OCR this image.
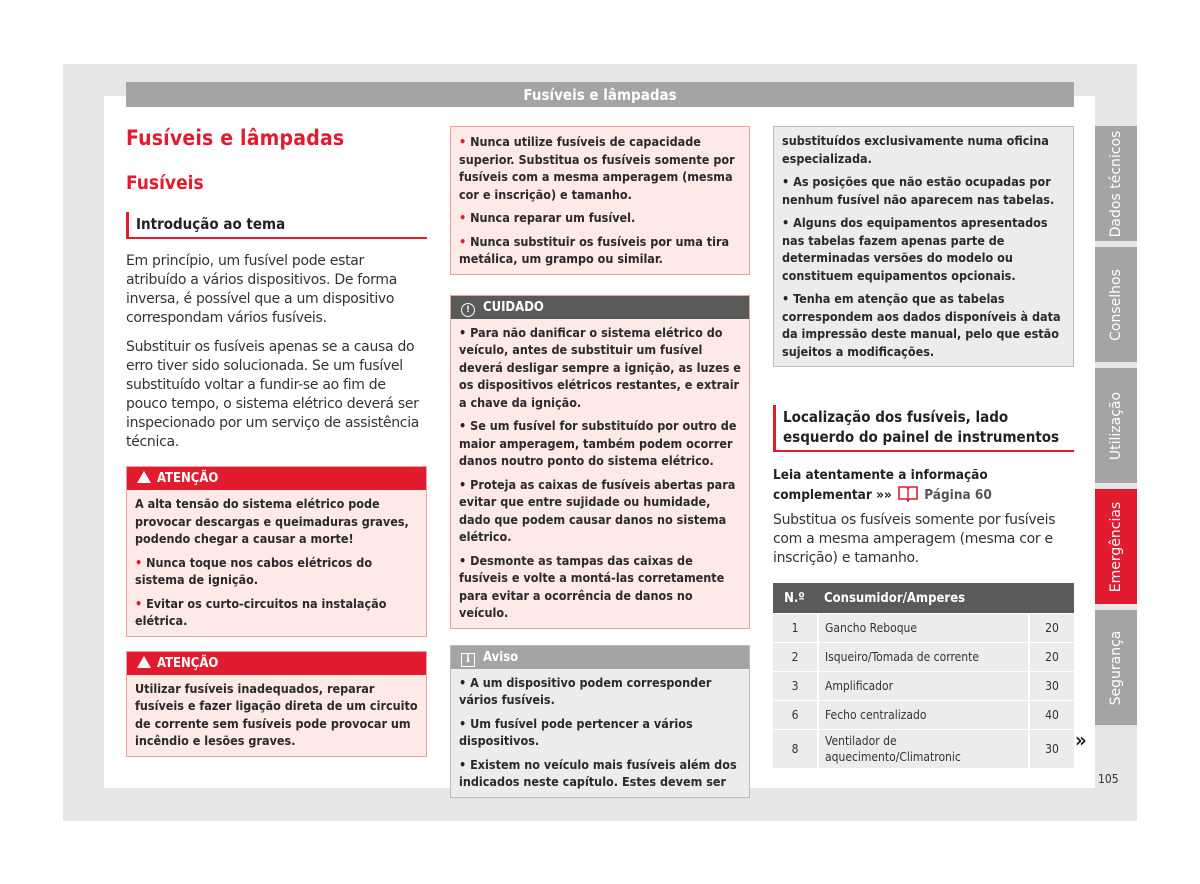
Fusíveis e lâmpadas
Fusíveis e lâmpadas
Fusíveis
Introdução ao tema

Em princípio, um fusível pode estar atribuído a vários dispositivos. De forma inversa, é possível que a um dispositivo correspondam vários fusíveis.

Substituir os fusíveis apenas se a causa do erro tiver sido solucionada. Se um fusível substituído voltar a fundir-se ao fim de pouco tempo, o sistema elétrico deverá ser inspecionado por um serviço de assistência técnica.

ATENÇÃO
A alta tensão do sistema elétrico pode provocar descargas e queimaduras graves, podendo chegar a causar a morte!
• Nunca toque nos cabos elétricos do sistema de ignição.
• Evitar os curto-circuitos na instalação elétrica.
ATENÇÃO
Utilizar fusíveis inadequados, reparar fusíveis e fazer ligação direta de um circuito de corrente sem fusíveis pode provocar um incêndio e lesões graves.
• Nunca utilize fusíveis de capacidade superior. Substitua os fusíveis somente por fusíveis com a mesma amperagem (mesma cor e inscrição) e tamanho.
• Nunca reparar um fusível.
• Nunca substituir os fusíveis por uma tira metálica, um grampo ou similar.
! CUIDADO
• Para não danificar o sistema elétrico do veículo, antes de substituir um fusível deverá desligar sempre a ignição, as luzes e os dispositivos elétricos restantes, e extrair a chave da ignição.
• Se um fusível for substituído por outro de maior amperagem, também podem ocorrer danos noutro ponto do sistema elétrico.
• Proteja as caixas de fusíveis abertas para evitar que entre sujidade ou humidade, dado que podem causar danos no sistema elétrico.
• Desmonte as tampas das caixas de fusíveis e volte a montá-las corretamente para evitar a ocorrência de danos no veículo.
i Aviso
• A um dispositivo podem corresponder vários fusíveis.
• Um fusível pode pertencer a vários dispositivos.
• Existem no veículo mais fusíveis além dos indicados neste capítulo. Estes devem ser
substituídos exclusivamente numa oficina especializada.
• As posições que não estão ocupadas por nenhum fusível não aparecem nas tabelas.
• Alguns dos equipamentos apresentados nas tabelas fazem apenas parte de determinadas versões do modelo ou constituem equipamentos opcionais.
• Tenha em atenção que as tabelas correspondem aos dados disponíveis à data da impressão deste manual, pelo que estão sujeitos a modificações.
Localização dos fusíveis, lado esquerdo do painel de instrumentos
Leia atentamente a informação complementar »» Página 60

Substitua os fusíveis somente por fusíveis com a mesma amperagem (mesma cor e inscrição) e tamanho.

N.º	Consumidor/Amperes	
1	Gancho Reboque	20
2	Isqueiro/Tomada de corrente	20
3	Amplificador	30
6	Fecho centralizado	40
8	Ventilador de aquecimento/Climatronic	30 »
Dados técnicos
Conselhos
Utilização
Emergências
Segurança
105
